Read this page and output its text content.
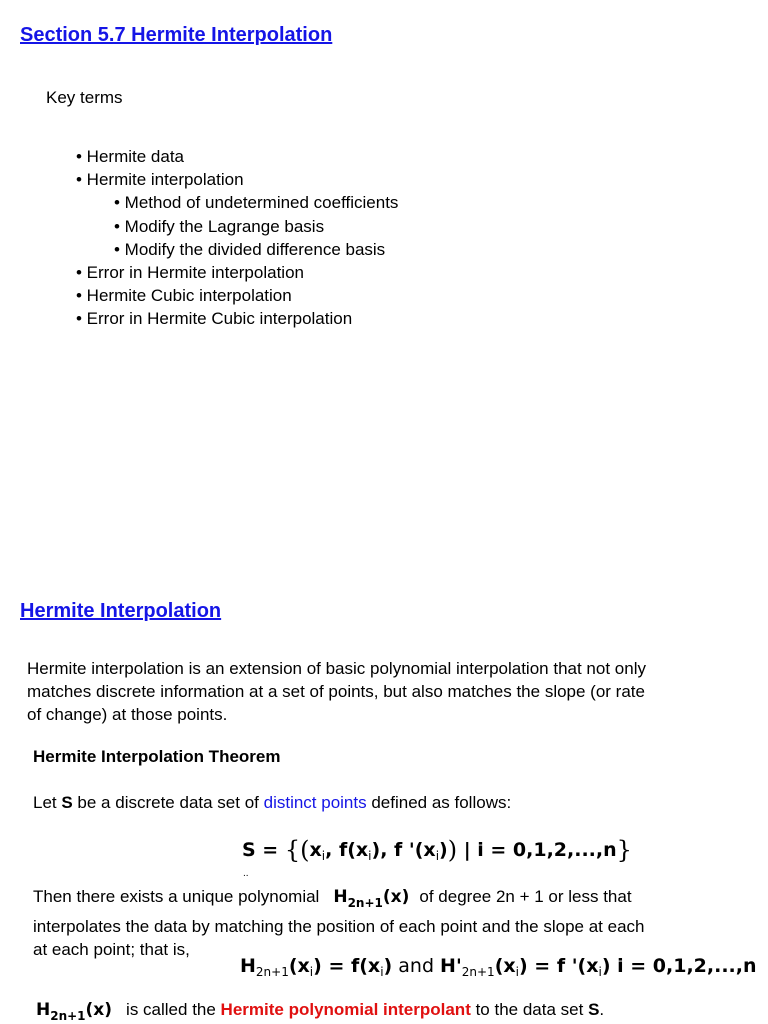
Section 5.7 Hermite Interpolation
Key terms
• Hermite data
• Hermite interpolation
• Method of undetermined coefficients
• Modify the Lagrange basis
• Modify the divided difference basis
• Error in Hermite interpolation
• Hermite Cubic interpolation
• Error in Hermite Cubic interpolation
Hermite Interpolation
Hermite interpolation is an extension of basic polynomial interpolation that not only
matches discrete information at a set of points, but also matches the slope (or rate
of change) at those points.
Hermite Interpolation Theorem
Let S be a discrete data set of distinct points defined as follows:
$S = \{(x_i$, $f(x_i)$, f '$(x_i)$) | i = 0,1,2,...,n}
..
Then there exists a unique polynomial $H_{2n+1}(x)$ of degree 2n + 1 or less that
interpolates the data by matching the position of each point and the slope at each
at each point; that is,
$H_{2n+1}(x_i) = f(x_i)$ and $H'_{2n+1}(x_i) = f$ '$(x_i) i = 0,1,2,...,n$
$H_{2n+1}(x)$ is called the Hermite polynomial interpolant to the data set S.
